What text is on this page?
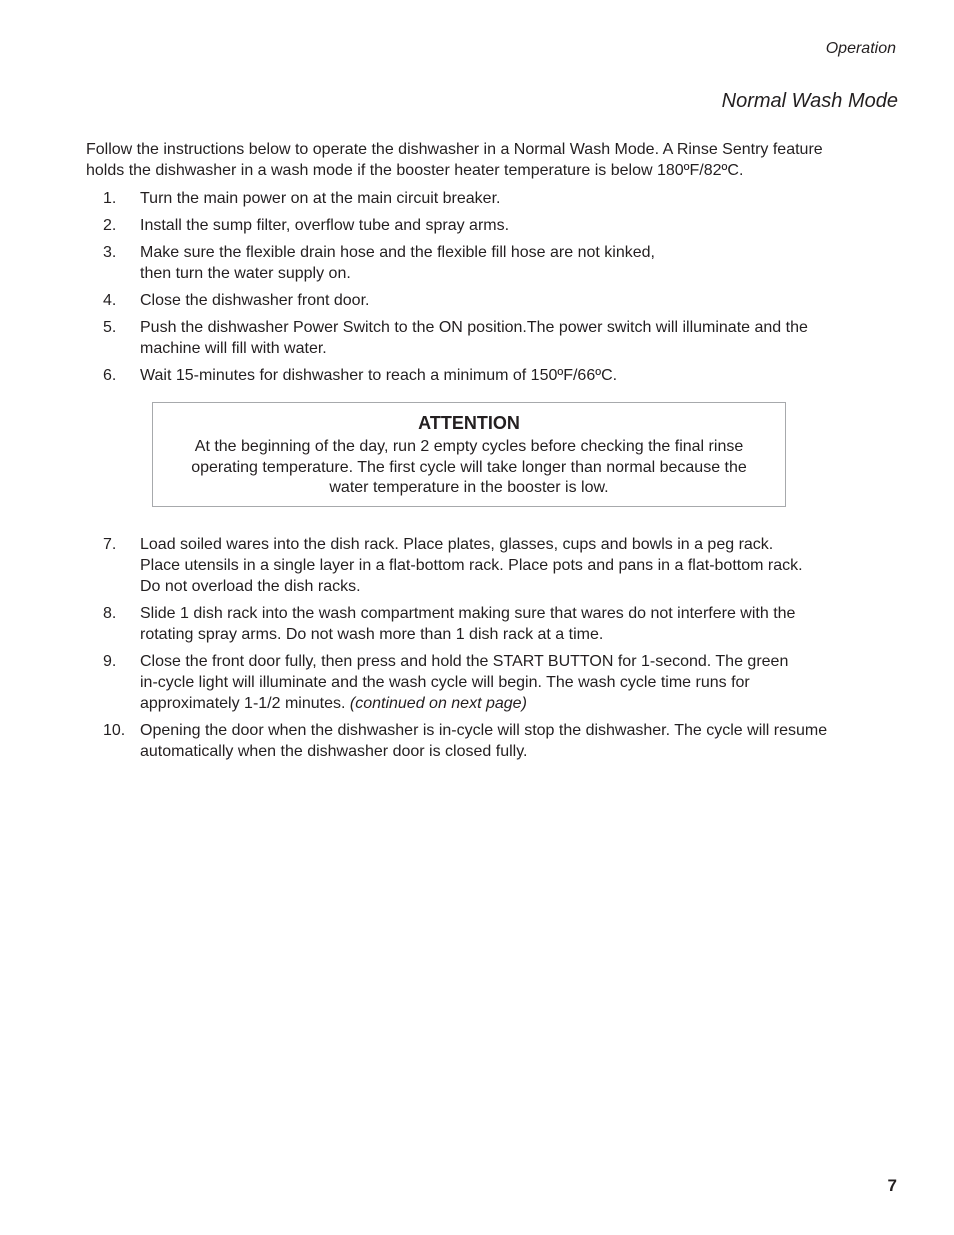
Operation
Normal Wash Mode

Follow the instructions below to operate the dishwasher in a Normal Wash Mode. A Rinse Sentry feature
holds the dishwasher in a wash mode if the booster heater temperature is below 180ºF/82ºC.

1. Turn the main power on at the main circuit breaker.
2. Install the sump filter, overflow tube and spray arms.
3. Make sure the flexible drain hose and the flexible fill hose are not kinked,
then turn the water supply on.
4. Close the dishwasher front door.
5. Push the dishwasher Power Switch to the ON position.The power switch will illuminate and the
machine will fill with water.
6. Wait 15-minutes for dishwasher to reach a minimum of 150ºF/66ºC.
ATTENTION
At the beginning of the day, run 2 empty cycles before checking the final rinse
operating temperature. The first cycle will take longer than normal because the
water temperature in the booster is low.
7. Load soiled wares into the dish rack. Place plates, glasses, cups and bowls in a peg rack.
Place utensils in a single layer in a flat-bottom rack. Place pots and pans in a flat-bottom rack.
Do not overload the dish racks.
8. Slide 1 dish rack into the wash compartment making sure that wares do not interfere with the
rotating spray arms. Do not wash more than 1 dish rack at a time.
9. Close the front door fully, then press and hold the START BUTTON for 1-second. The green
in-cycle light will illuminate and the wash cycle will begin. The wash cycle time runs for
approximately 1-1/2 minutes. (continued on next page)
10. Opening the door when the dishwasher is in-cycle will stop the dishwasher. The cycle will resume
automatically when the dishwasher door is closed fully.
7
